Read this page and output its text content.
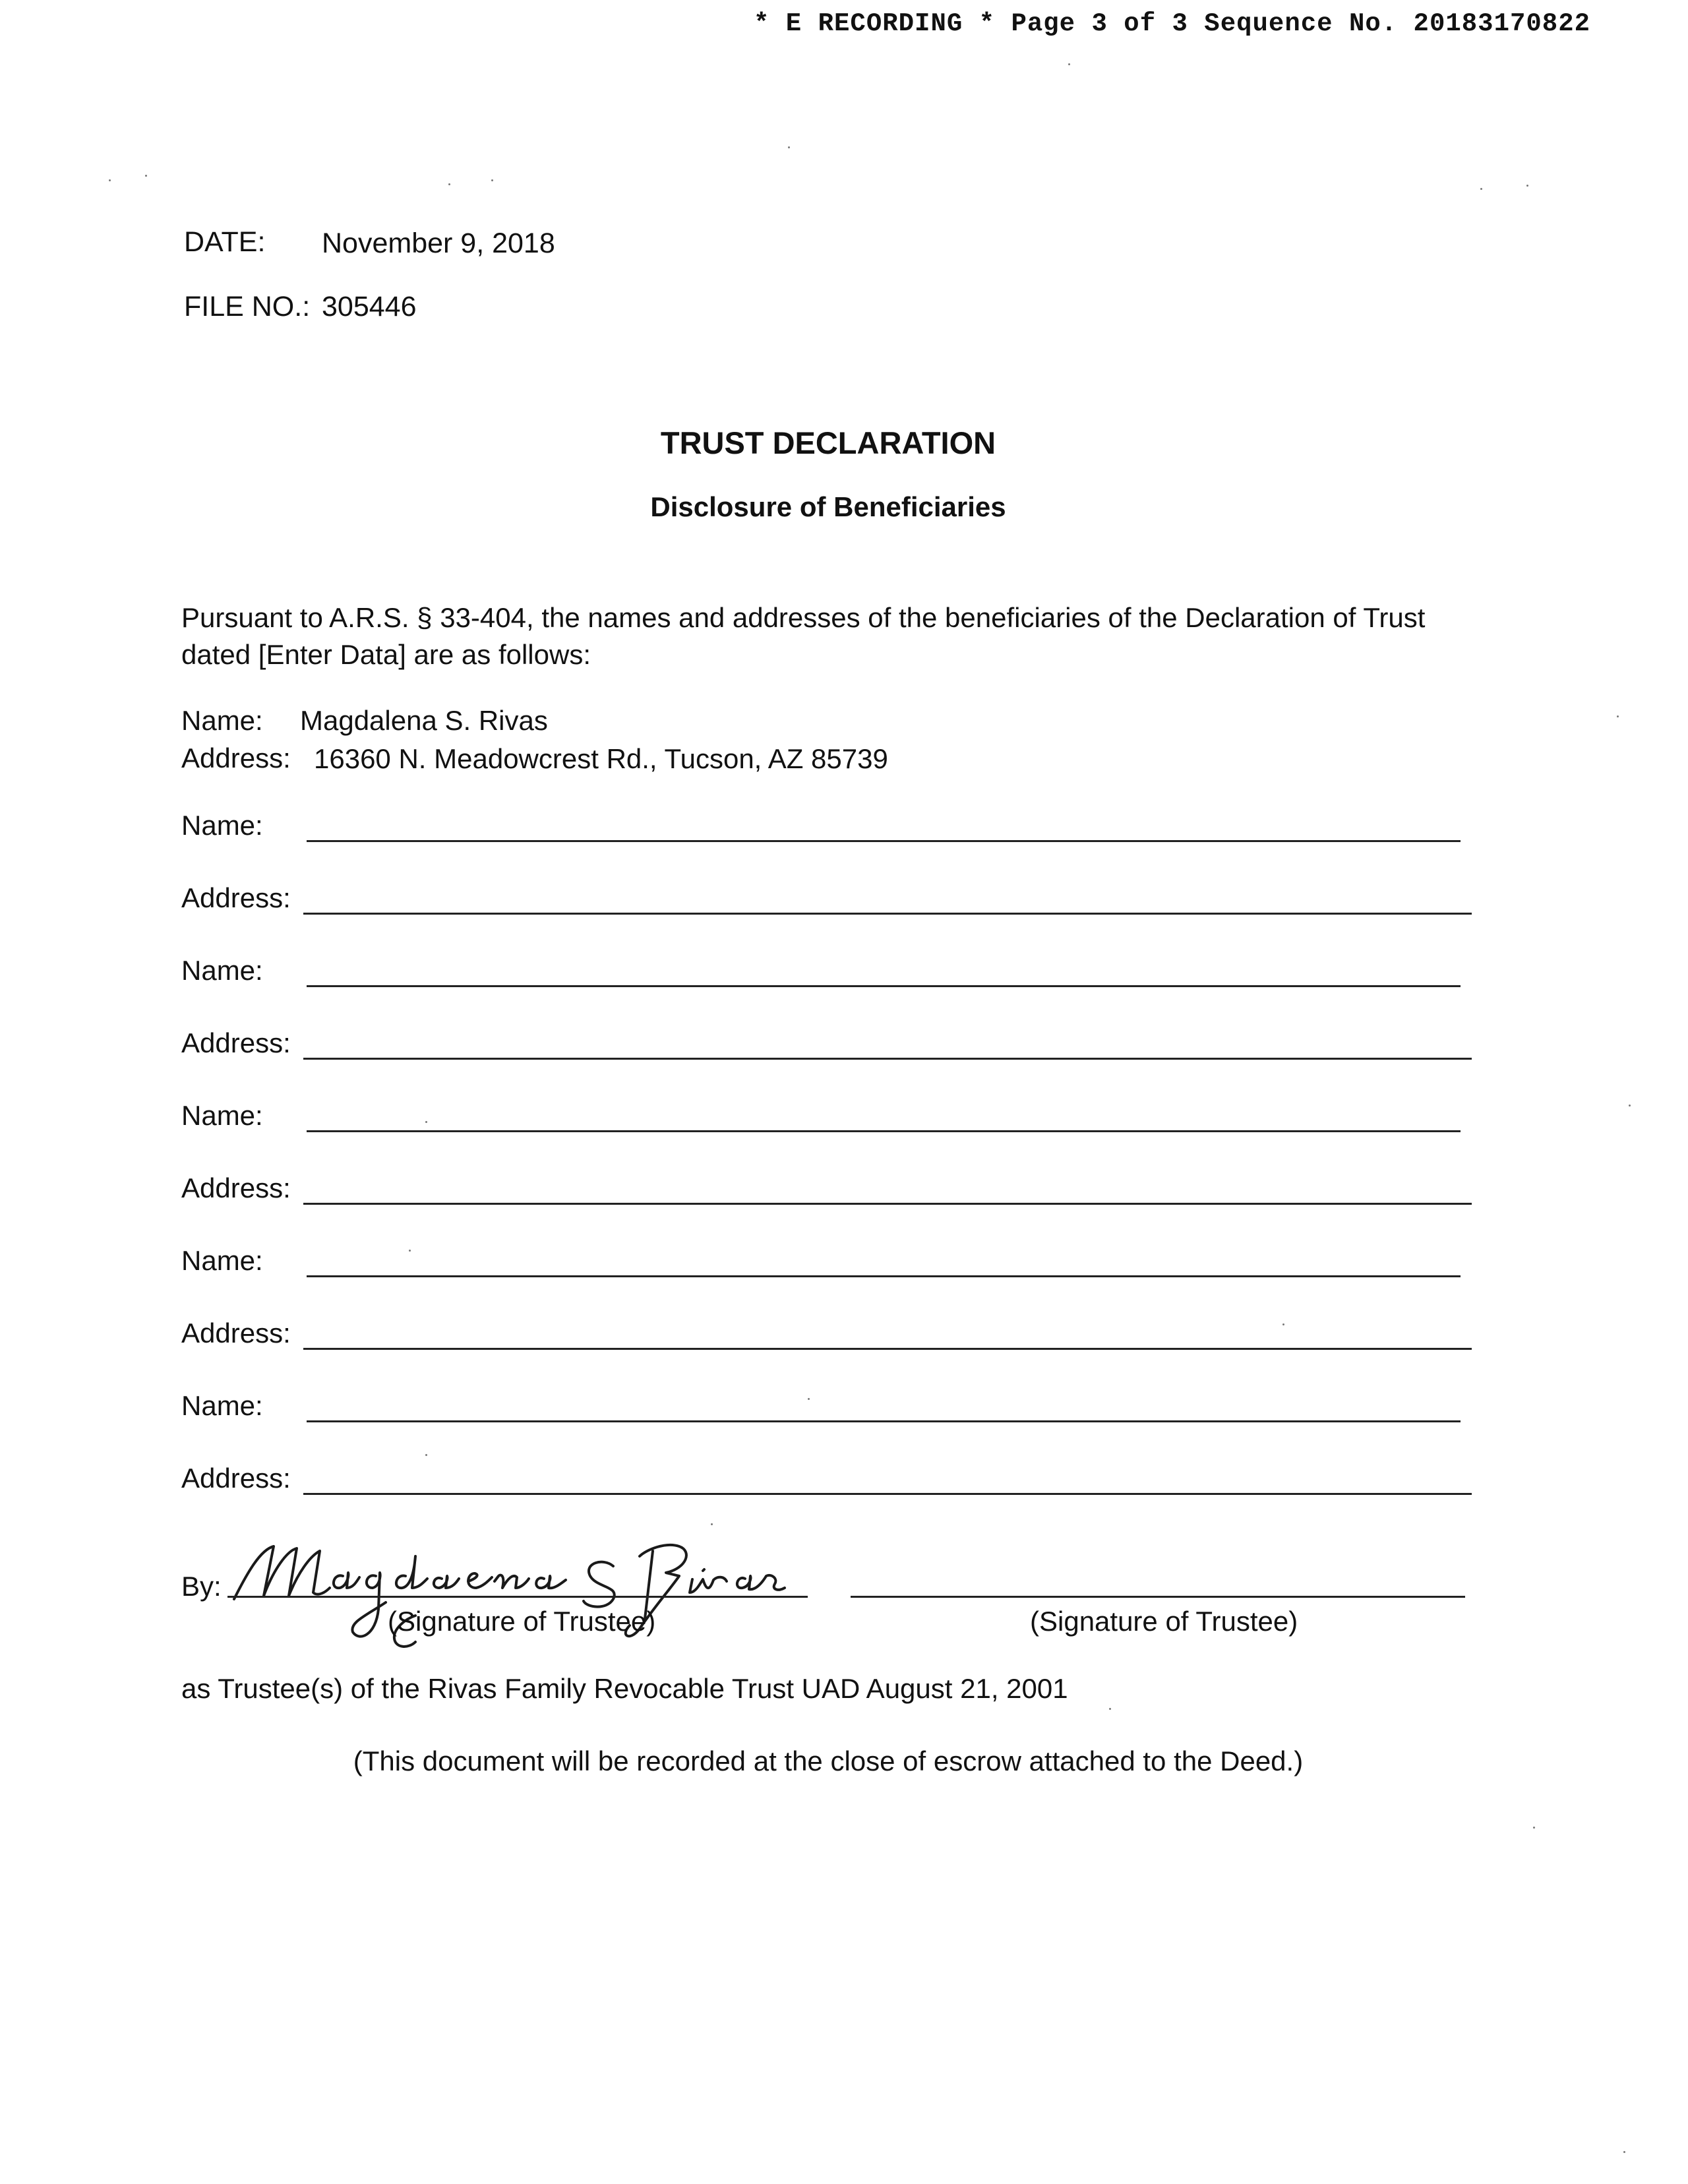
* E RECORDING * Page 3 of 3 Sequence No. 20183170822
DATE: November 9, 2018
FILE NO.: 305446
TRUST DECLARATION
Disclosure of Beneficiaries
Pursuant to A.R.S. § 33-404, the names and addresses of the beneficiaries of the Declaration of Trust dated [Enter Data] are as follows:
Name: Magdalena S. Rivas
Address: 16360 N. Meadowcrest Rd., Tucson, AZ 85739
Name:
Address:
Name:
Address:
Name:
Address:
Name:
Address:
Name:
Address:
By:
(Signature of Trustee)	(Signature of Trustee)
as Trustee(s) of the Rivas Family Revocable Trust UAD August 21, 2001
(This document will be recorded at the close of escrow attached to the Deed.)
